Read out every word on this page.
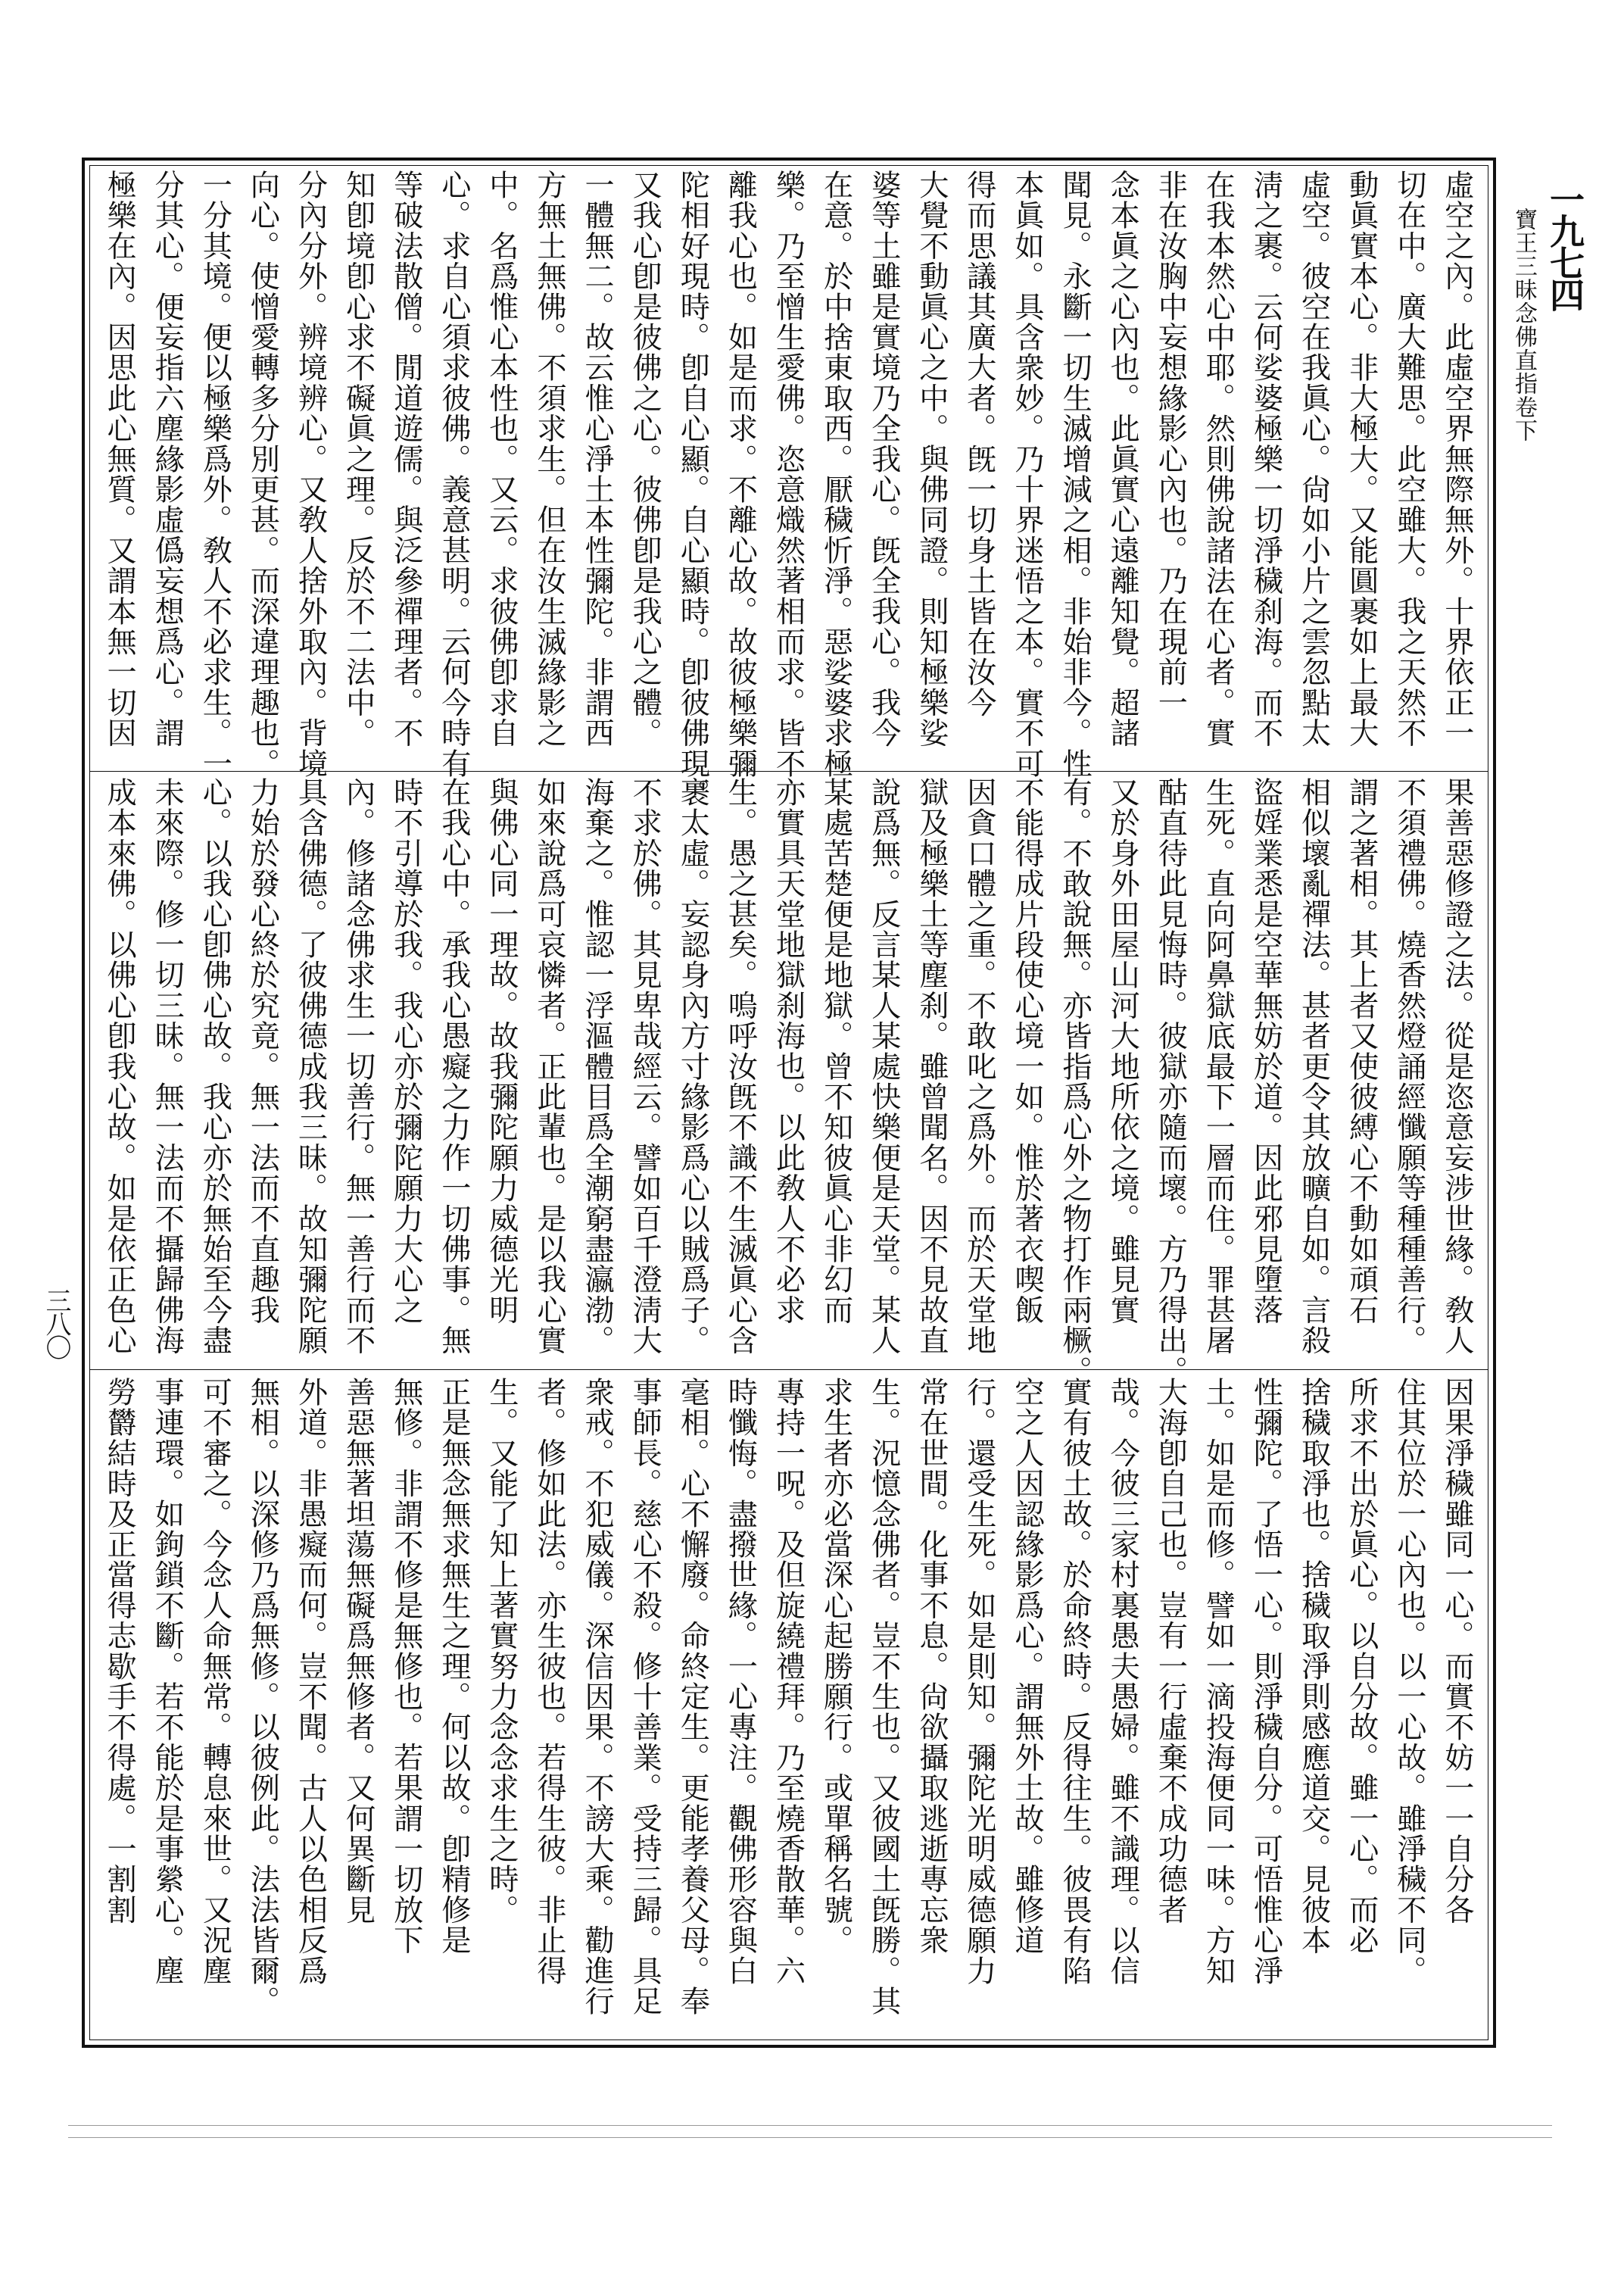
一九七四
寶王三昧念佛直指卷下
三八〇
虛空之內。此虛空界無際無外。十界依正一
切在中。廣大難思。此空雖大。我之天然不
動眞實本心。非大極大。又能圓裹如上最大
虛空。彼空在我眞心。尙如小片之雲忽點太
淸之裹。云何娑婆極樂一切淨穢刹海。而不
在我本然心中耶。然則佛說諸法在心者。實
非在汝胸中妄想緣影心內也。乃在現前一
念本眞之心內也。此眞實心遠離知覺。超諸
聞見。永斷一切生滅增減之相。非始非今。性
本眞如。具含衆妙。乃十界迷悟之本。實不可
得而思議其廣大者。旣一切身土皆在汝今
大覺不動眞心之中。與佛同證。則知極樂娑
婆等土雖是實境乃全我心。旣全我心。我今
在意。於中捨東取西。厭穢忻淨。惡娑婆求極
樂。乃至憎生愛佛。恣意熾然著相而求。皆不
離我心也。如是而求。不離心故。故彼極樂彌
陀相好現時。卽自心顯。自心顯時。卽彼佛現。
又我心卽是彼佛之心。彼佛卽是我心之體。
一體無二。故云惟心淨土本性彌陀。非謂西
方無土無佛。不須求生。但在汝生滅緣影之
中。名爲惟心本性也。又云。求彼佛卽求自
心。求自心須求彼佛。義意甚明。云何今時有
等破法散僧。閒道遊儒。與泛參禪理者。不
知卽境卽心求不礙眞之理。反於不二法中。
分內分外。辨境辨心。又敎人捨外取內。背境
向心。使憎愛轉多分別更甚。而深違理趣也。
一分其境。便以極樂爲外。敎人不必求生。一
分其心。便妄指六塵緣影虛僞妄想爲心。謂
極樂在內。因思此心無質。又謂本無一切因
果善惡修證之法。從是恣意妄涉世緣。敎人
不須禮佛。燒香然燈誦經懺願等種種善行。
謂之著相。其上者又使彼縛心不動如頑石
相似壞亂禪法。甚者更令其放曠自如。言殺
盜婬業悉是空華無妨於道。因此邪見墮落
生死。直向阿鼻獄底最下一層而住。罪甚屠
酤直待此見悔時。彼獄亦隨而壞。方乃得出。
又於身外田屋山河大地所依之境。雖見實
有。不敢說無。亦皆指爲心外之物打作兩橛。
不能得成片段使心境一如。惟於著衣喫飯
因貪口體之重。不敢叱之爲外。而於天堂地
獄及極樂土等塵刹。雖曾聞名。因不見故直
說爲無。反言某人某處快樂便是天堂。某人
某處苦楚便是地獄。曾不知彼眞心非幻而
亦實具天堂地獄刹海也。以此敎人不必求
生。愚之甚矣。嗚呼汝旣不識不生滅眞心含
裹太虛。妄認身內方寸緣影爲心以賊爲子。
不求於佛。其見卑哉經云。譬如百千澄淸大
海棄之。惟認一浮漚體目爲全潮窮盡瀛渤。
如來說爲可哀憐者。正此輩也。是以我心實
與佛心同一理故。故我彌陀願力威德光明
在我心中。承我心愚癡之力作一切佛事。無
時不引導於我。我心亦於彌陀願力大心之
內。修諸念佛求生一切善行。無一善行而不
具含佛德。了彼佛德成我三昧。故知彌陀願
力始於發心終於究竟。無一法而不直趣我
心。以我心卽佛心故。我心亦於無始至今盡
未來際。修一切三昧。無一法而不攝歸佛海
成本來佛。以佛心卽我心故。如是依正色心
因果淨穢雖同一心。而實不妨一一自分各
住其位於一心內也。以一心故。雖淨穢不同。
所求不出於眞心。以自分故。雖一心。而必
捨穢取淨也。捨穢取淨則感應道交。見彼本
性彌陀。了悟一心。則淨穢自分。可悟惟心淨
土。如是而修。譬如一滴投海便同一味。方知
大海卽自己也。豈有一行虛棄不成功德者
哉。今彼三家村裏愚夫愚婦。雖不識理。以信
實有彼土故。於命終時。反得往生。彼畏有陷
空之人因認緣影爲心。謂無外土故。雖修道
行。還受生死。如是則知。彌陀光明威德願力
常在世間。化事不息。尙欲攝取逃逝專忘衆
生。況憶念佛者。豈不生也。又彼國土旣勝。其
求生者亦必當深心起勝願行。或單稱名號。
專持一呪。及但旋繞禮拜。乃至燒香散華。六
時懺悔。盡撥世緣。一心專注。觀佛形容與白
毫相。心不懈廢。命終定生。更能孝養父母。奉
事師長。慈心不殺。修十善業。受持三歸。具足
衆戒。不犯威儀。深信因果。不謗大乘。勸進行
者。修如此法。亦生彼也。若得生彼。非止得
生。又能了知上著實努力念念求生之時。
正是無念無求無生之理。何以故。卽精修是
無修。非謂不修是無修也。若果謂一切放下
善惡無著坦蕩無礙爲無修者。又何異斷見
外道。非愚癡而何。豈不聞。古人以色相反爲
無相。以深修乃爲無修。以彼例此。法法皆爾。
可不審之。今念人命無常。轉息來世。又況塵
事連環。如鉤鎖不斷。若不能於是事縈心。塵
勞欝結時及正當得志歇手不得處。一割割
